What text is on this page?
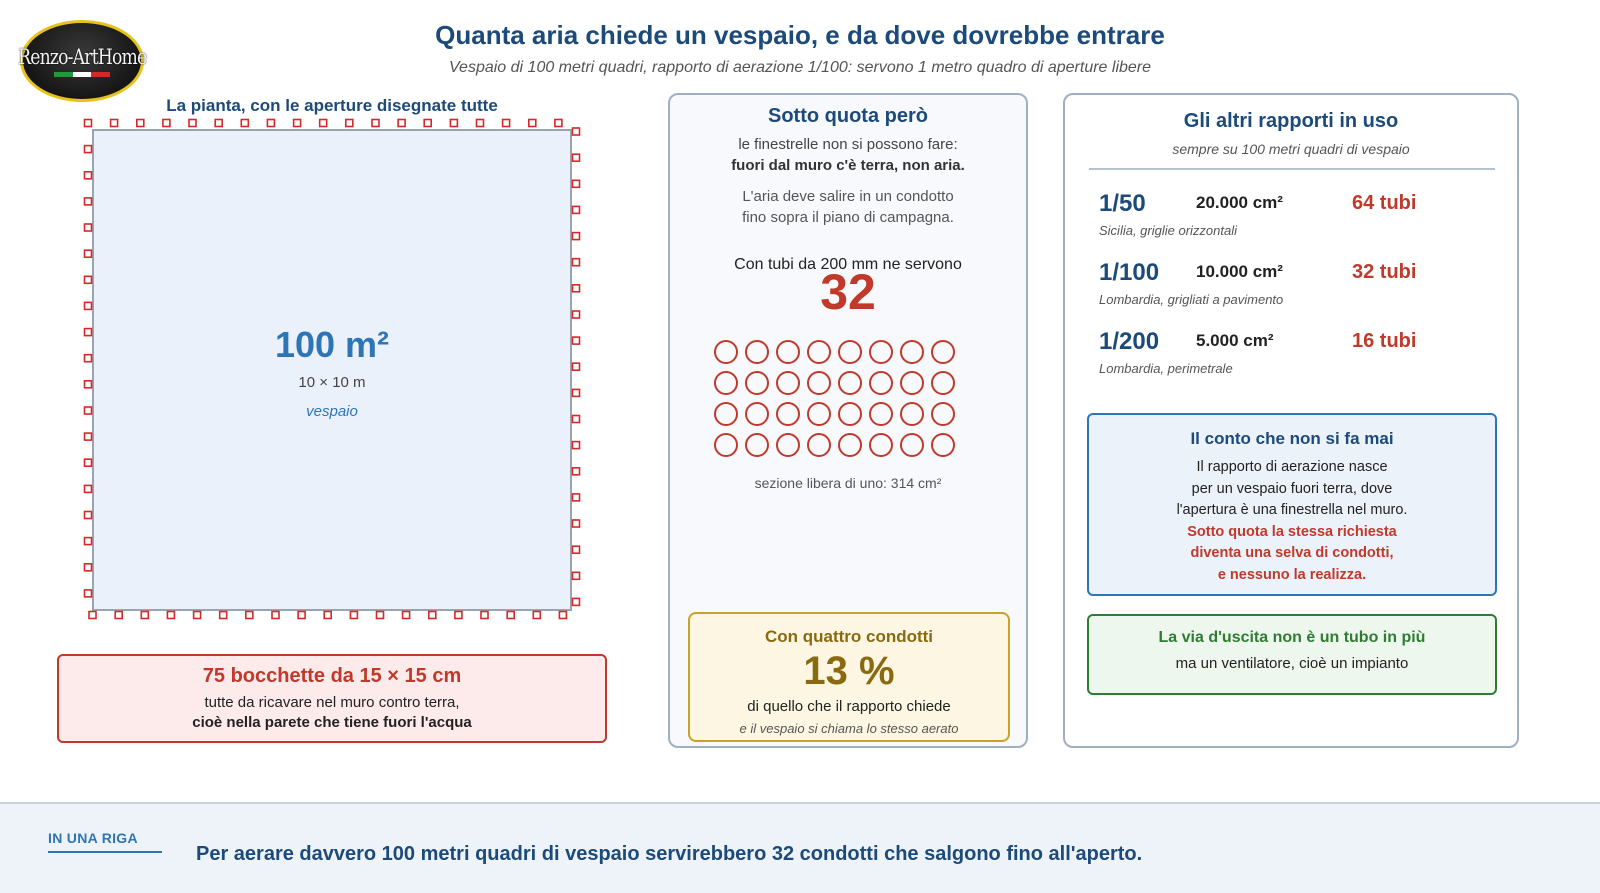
Renzo-ArtHome
Quanta aria chiede un vespaio, e da dove dovrebbe entrare
Vespaio di 100 metri quadri, rapporto di aerazione 1/100: servono 1 metro quadro di aperture libere
La pianta, con le aperture disegnate tutte
100 m²
10 × 10 m
vespaio
75 bocchette da 15 × 15 cm
tutte da ricavare nel muro contro terra,
cioè nella parete che tiene fuori l'acqua
Sotto quota però
le finestrelle non si possono fare:
fuori dal muro c'è terra, non aria.
L'aria deve salire in un condotto
fino sopra il piano di campagna.
Con tubi da 200 mm ne servono
32
sezione libera di uno: 314 cm²
Con quattro condotti
13 %
di quello che il rapporto chiede
e il vespaio si chiama lo stesso aerato
Gli altri rapporti in uso
sempre su 100 metri quadri di vespaio
1/50	20.000 cm²	64 tubi
Sicilia, griglie orizzontali
1/100 10.000 cm²	32 tubi
Lombardia, grigliati a pavimento
1/200 5.000 cm²	16 tubi
Lombardia, perimetrale
Il conto che non si fa mai
Il rapporto di aerazione nasce
per un vespaio fuori terra, dove
l'apertura è una finestrella nel muro.
Sotto quota la stessa richiesta
diventa una selva di condotti,
e nessuno la realizza.
La via d'uscita non è un tubo in più
ma un ventilatore, cioè un impianto
IN UNA RIGA
Per aerare davvero 100 metri quadri di vespaio servirebbero 32 condotti che salgono fino all'aperto.
